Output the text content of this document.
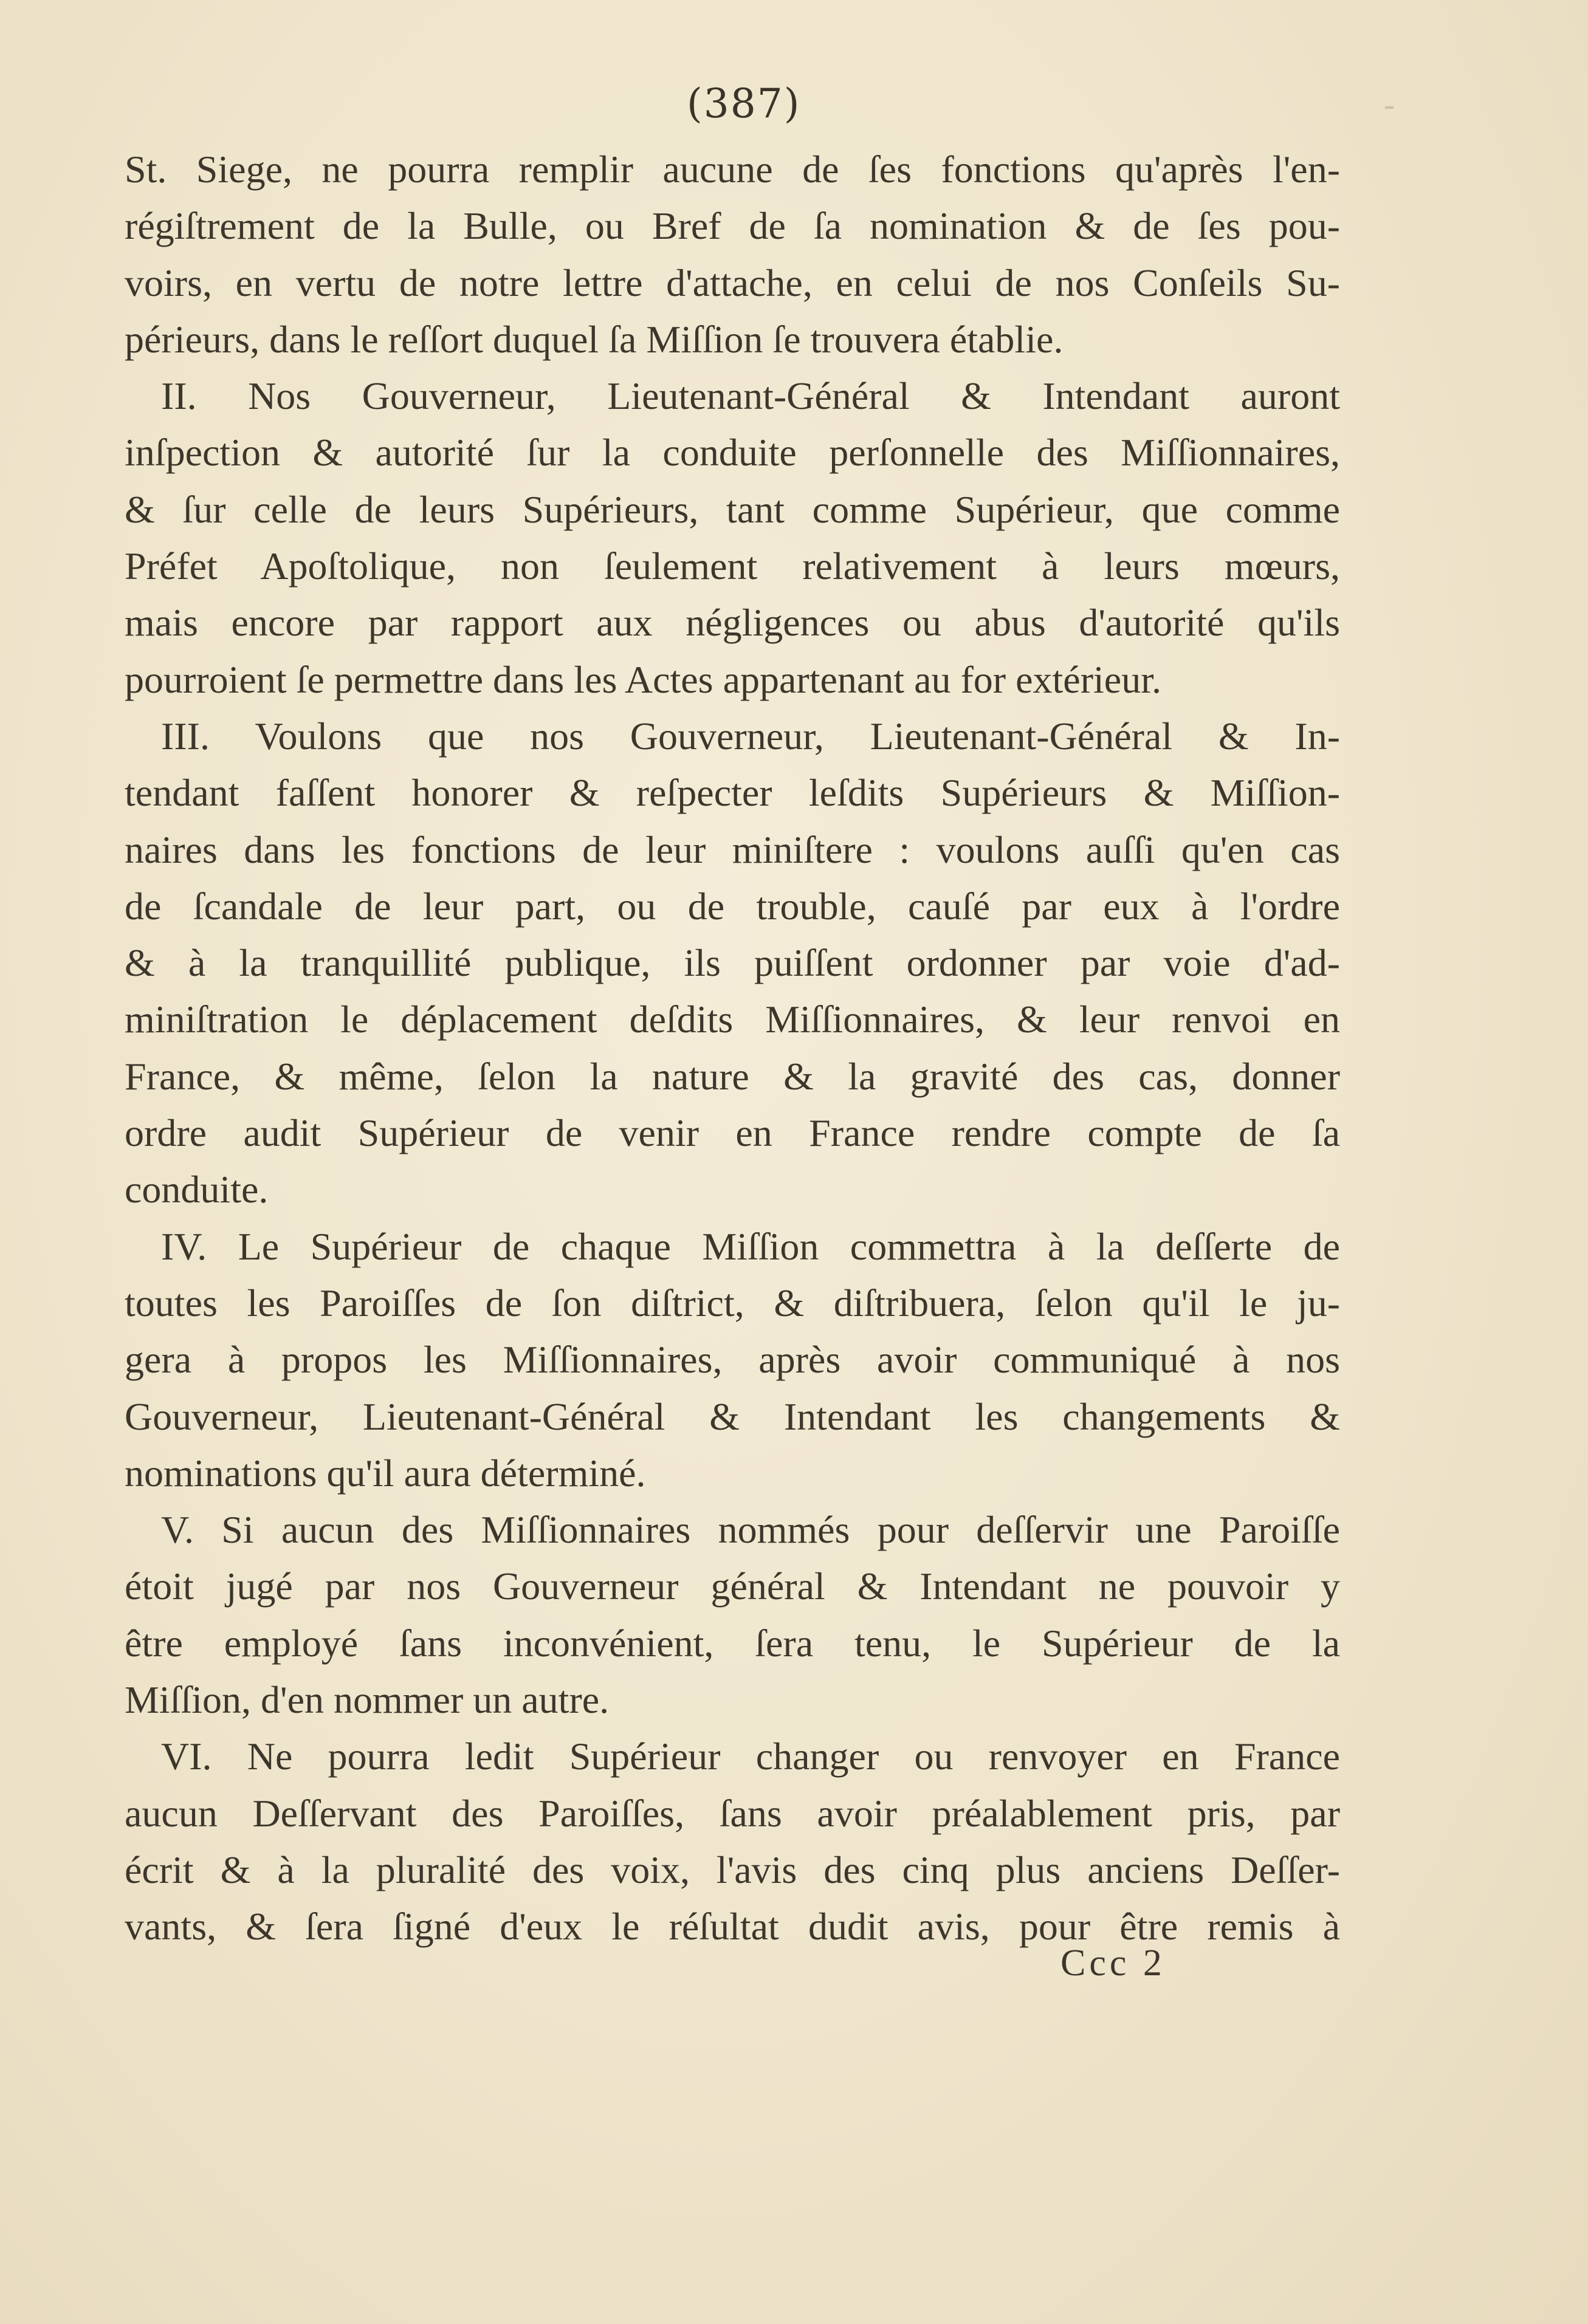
(387)
St. Siege, ne pourra remplir aucune de ſes fonctions qu'après l'en-
régiſtrement de la Bulle, ou Bref de ſa nomination & de ſes pou-
voirs, en vertu de notre lettre d'attache, en celui de nos Conſeils Su-
périeurs, dans le reſſort duquel ſa Miſſion ſe trouvera établie.
II. Nos Gouverneur, Lieutenant-Général & Intendant auront
inſpection & autorité ſur la conduite perſonnelle des Miſſionnaires,
& ſur celle de leurs Supérieurs, tant comme Supérieur, que comme
Préfet Apoſtolique, non ſeulement relativement à leurs mœurs,
mais encore par rapport aux négligences ou abus d'autorité qu'ils
pourroient ſe permettre dans les Actes appartenant au for extérieur.
III. Voulons que nos Gouverneur, Lieutenant-Général & In-
tendant faſſent honorer & reſpecter leſdits Supérieurs & Miſſion-
naires dans les fonctions de leur miniſtere : voulons auſſi qu'en cas
de ſcandale de leur part, ou de trouble, cauſé par eux à l'ordre
& à la tranquillité publique, ils puiſſent ordonner par voie d'ad-
miniſtration le déplacement deſdits Miſſionnaires, & leur renvoi en
France, & même, ſelon la nature & la gravité des cas, donner
ordre audit Supérieur de venir en France rendre compte de ſa
conduite.
IV. Le Supérieur de chaque Miſſion commettra à la deſſerte de
toutes les Paroiſſes de ſon diſtrict, & diſtribuera, ſelon qu'il le ju-
gera à propos les Miſſionnaires, après avoir communiqué à nos
Gouverneur, Lieutenant-Général & Intendant les changements &
nominations qu'il aura déterminé.
V. Si aucun des Miſſionnaires nommés pour deſſervir une Paroiſſe
étoit jugé par nos Gouverneur général & Intendant ne pouvoir y
être employé ſans inconvénient, ſera tenu, le Supérieur de la
Miſſion, d'en nommer un autre.
VI. Ne pourra ledit Supérieur changer ou renvoyer en France
aucun Deſſervant des Paroiſſes, ſans avoir préalablement pris, par
écrit & à la pluralité des voix, l'avis des cinq plus anciens Deſſer-
vants, & ſera ſigné d'eux le réſultat dudit avis, pour être remis à
Ccc 2
